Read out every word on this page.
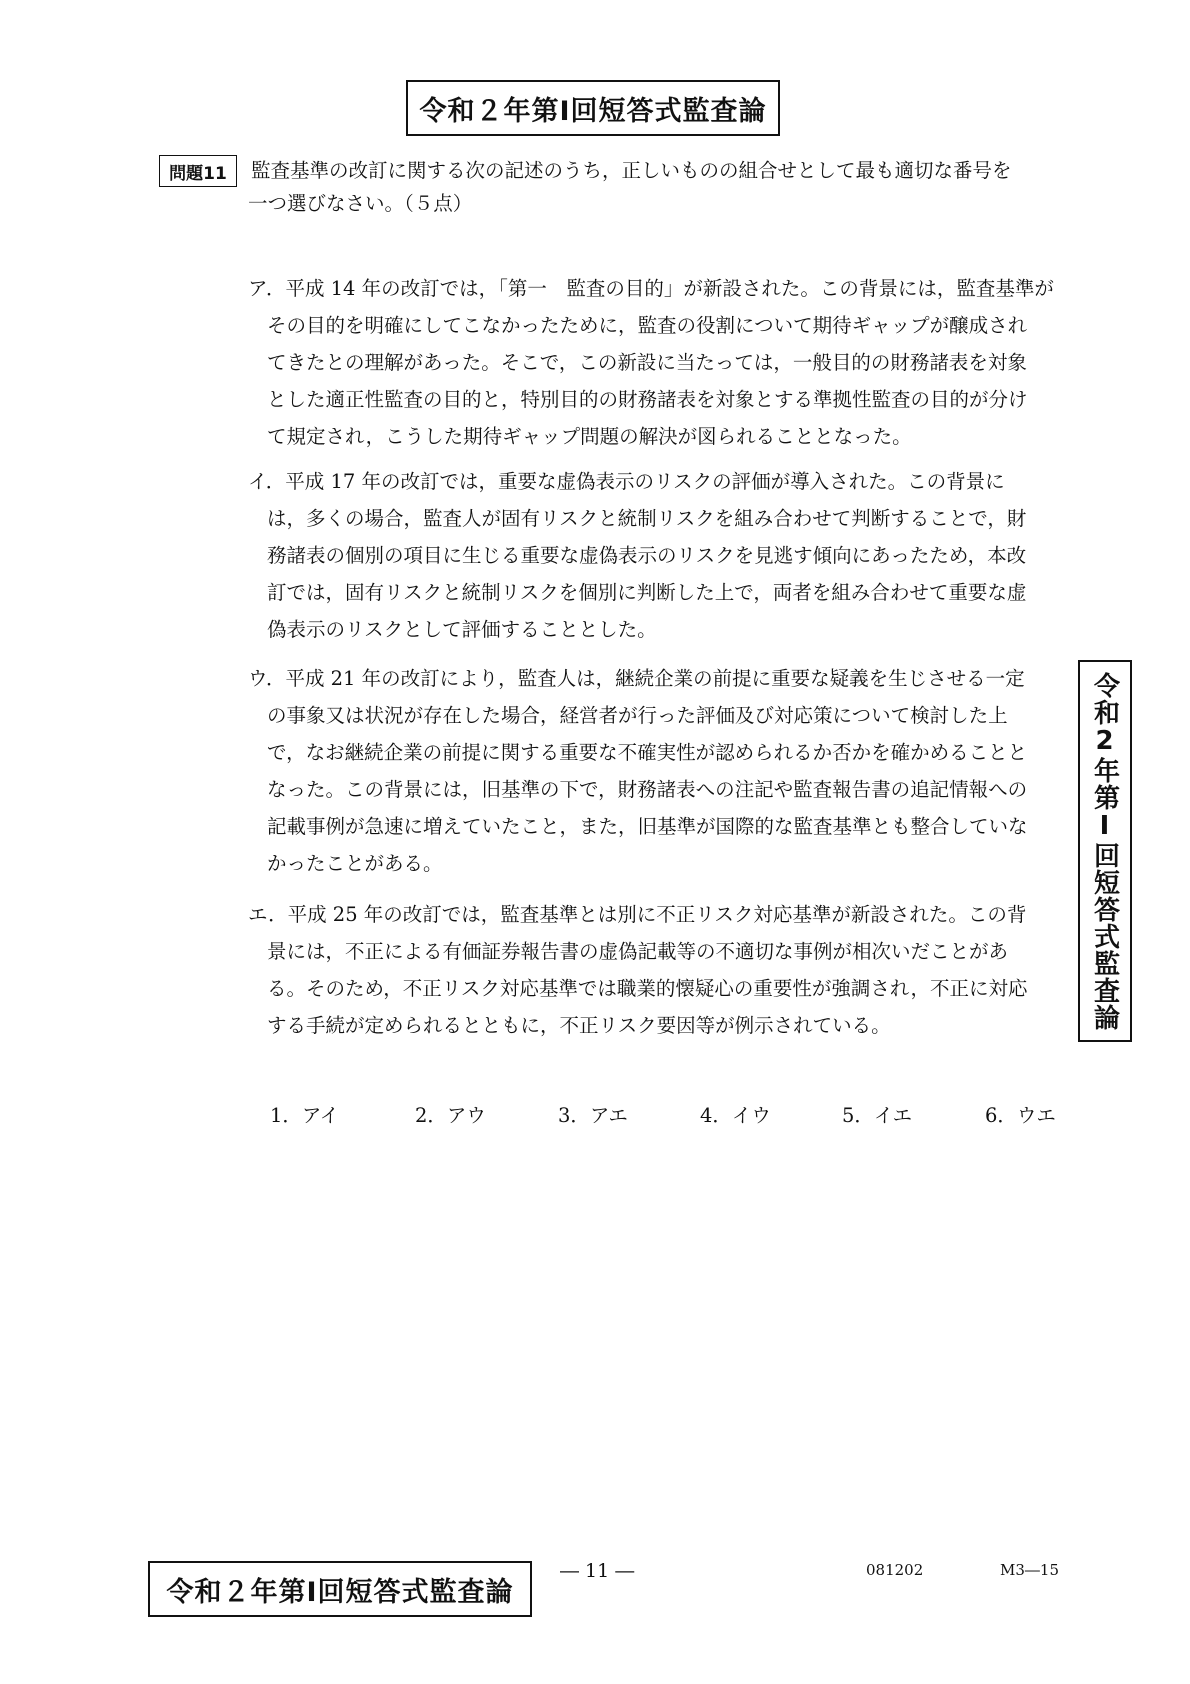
令和２年第Ⅰ回短答式監査論
問題11 監査基準の改訂に関する次の記述のうち，正しいものの組合せとして最も適切な番号を
一つ選びなさい。（５点）
ア．平成 14 年の改訂では，「第一　監査の目的」が新設された。この背景には，監査基準が
その目的を明確にしてこなかったために，監査の役割について期待ギャップが醸成され
てきたとの理解があった。そこで，この新設に当たっては，一般目的の財務諸表を対象
とした適正性監査の目的と，特別目的の財務諸表を対象とする準拠性監査の目的が分け
て規定され，こうした期待ギャップ問題の解決が図られることとなった。
イ．平成 17 年の改訂では，重要な虚偽表示のリスクの評価が導入された。この背景に
は，多くの場合，監査人が固有リスクと統制リスクを組み合わせて判断することで，財
務諸表の個別の項目に生じる重要な虚偽表示のリスクを見逃す傾向にあったため，本改
訂では，固有リスクと統制リスクを個別に判断した上で，両者を組み合わせて重要な虚
偽表示のリスクとして評価することとした。
ウ．平成 21 年の改訂により，監査人は，継続企業の前提に重要な疑義を生じさせる一定
の事象又は状況が存在した場合，経営者が行った評価及び対応策について検討した上
で，なお継続企業の前提に関する重要な不確実性が認められるか否かを確かめることと
なった。この背景には，旧基準の下で，財務諸表への注記や監査報告書の追記情報への
記載事例が急速に増えていたこと，また，旧基準が国際的な監査基準とも整合していな
かったことがある。
エ．平成 25 年の改訂では，監査基準とは別に不正リスク対応基準が新設された。この背
景には，不正による有価証券報告書の虚偽記載等の不適切な事例が相次いだことがあ
る。そのため，不正リスク対応基準では職業的懐疑心の重要性が強調され，不正に対応
する手続が定められるとともに，不正リスク要因等が例示されている。
1．アイ	2．アウ	3．アエ	4．イウ	5．イエ	6．ウエ
令和2年第Ⅰ回短答式監査論
令和２年第Ⅰ回短答式監査論
― 11 ―	081202	M3―15
